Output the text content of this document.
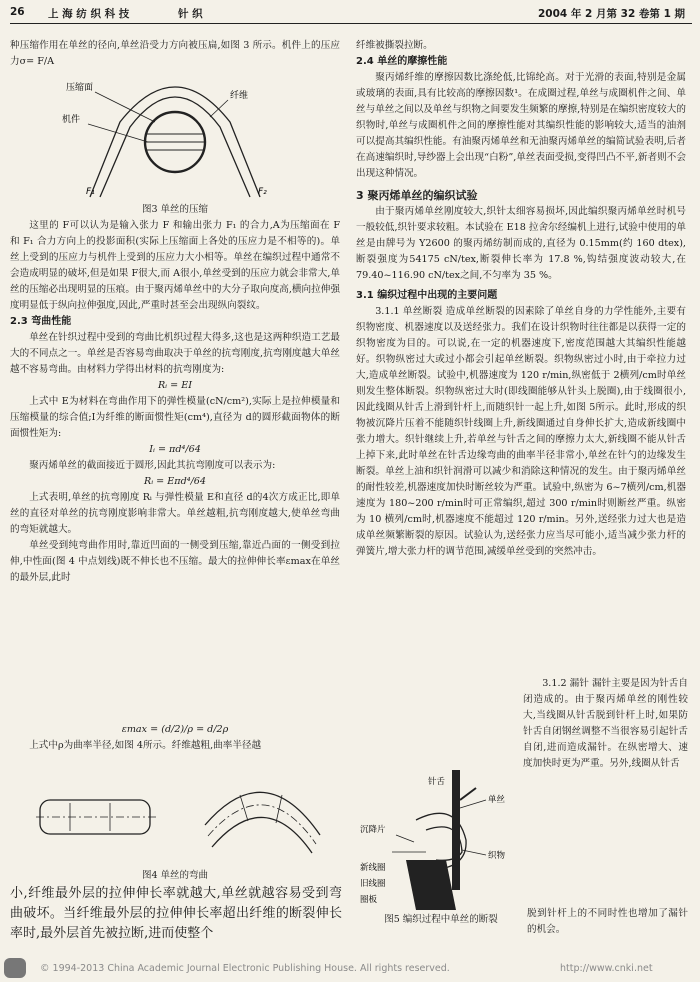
26 上 海 纺 织 科 技	针 织	2004 年 2 月第 32 卷第 1 期

种压缩作用在单丝的径向,单丝沿受力方向被压扁,如图 3 所示。机件上的压应力σ= F/A

压缩面
纤维
机件
F₁	F₂

图3 单丝的压缩

这里的 F可以认为是输入张力 F 和输出张力 F₁ 的合力,A为压缩面在 F 和 F₁ 合力方向上的投影面积(实际上压缩面上各处的压应力是不相等的)。单丝上受到的压应力与机件上受到的压应力大小相等。单丝在编织过程中通常不会造成明显的破坏,但是如果 F很大,而 A很小,单丝受到的压应力就会非常大,单丝的压缩必出现明显的压痕。由于聚丙烯单丝中的大分子取向度高,横向拉伸强度明显低于纵向拉伸强度,因此,严重时甚至会出现纵向裂纹。

2.3 弯曲性能

单丝在针织过程中受到的弯曲比机织过程大得多,这也是这两种织造工艺最大的不同点之一。单丝是否容易弯曲取决于单丝的抗弯刚度,抗弯刚度越大单丝越不容易弯曲。由材料力学得出材料的抗弯刚度为:

Rᵢ = EI

上式中 E为材料在弯曲作用下的弹性模量(cN/cm²),实际上是拉伸模量和压缩模量的综合值;I为纤维的断面惯性矩(cm⁴),直径为 d的圆形截面物体的断面惯性矩为:

Iᵢ = πd⁴/64

聚丙烯单丝的截面接近于圆形,因此其抗弯刚度可以表示为:

Rᵢ = Eπd⁴/64

上式表明,单丝的抗弯刚度 Rᵢ 与弹性模量 E和直径 d的4次方成正比,即单丝的直径对单丝的抗弯刚度影响非常大。单丝越粗,抗弯刚度越大,使单丝弯曲的弯矩就越大。

单丝受到纯弯曲作用时,靠近凹面的一侧受到压缩,靠近凸面的一侧受到拉伸,中性面(图 4 中点划线)既不伸长也不压缩。最大的拉伸伸长率εmax在单丝的最外层,此时

εmax = (d/2)/ρ = d/2ρ

上式中ρ为曲率半径,如图 4所示。纤维越粗,曲率半径越

图4 单丝的弯曲

小,纤维最外层的拉伸伸长率就越大,单丝就越容易受到弯曲破坏。当纤维最外层的拉伸伸长率超出纤维的断裂伸长率时,最外层首先被拉断,进而使整个

纤维被撕裂拉断。

2.4 单丝的摩擦性能

聚丙烯纤维的摩擦因数比涤纶低,比锦纶高。对于光滑的表面,特别是金属或玻璃的表面,具有比较高的摩擦因数¹。在成圈过程,单丝与成圈机件之间、单丝与单丝之间以及单丝与织物之间要发生频繁的摩擦,特别是在编织密度较大的织物时,单丝与成圈机件之间的摩擦性能对其编织性能的影响较大,适当的油剂可以提高其编织性能。有油聚丙烯单丝和无油聚丙烯单丝的编简试验表明,后者在高速编织时,导纱器上会出现“白粉”,单丝表面受损,变得凹凸不平,新者则不会出现这种情况。

3 聚丙烯单丝的编织试验

由于聚丙烯单丝刚度较大,织针太细容易损坏,因此编织聚丙烯单丝时机号一般较低,织针要求较粗。本试验在 E18 拉舍尔经编机上进行,试验中使用的单丝是由牌号为 Y2600 的聚丙烯纺制而成的,直径为 0.15mm(约 160 dtex),断裂强度为54175 cN/tex,断裂伸长率为 17.8 %,钩结强度波动较大,在 79.40~116.90 cN/tex之间,不匀率为 35 %。

3.1 编织过程中出现的主要问题

3.1.1 单丝断裂 造成单丝断裂的因素除了单丝自身的力学性能外,主要有织物密度、机器速度以及送经张力。我们在设计织物时往往都是以获得一定的织物密度为目的。可以说,在一定的机器速度下,密度范围越大其编织性能越好。织物纵密过大或过小都会引起单丝断裂。织物纵密过小时,由于牵拉力过大,造成单丝断裂。试验中,机器速度为 120 r/min,纵密低于 2横列/cm时单丝则发生整体断裂。织物纵密过大时(即线圈能够从针头上脱圈),由于线圈很小,因此线圈从针舌上滑到针杆上,而随织针一起上升,如图 5所示。此时,形成的织物被沉降片压着不能随织针线圈上升,新线圈通过自身伸长扩大,造成新线圈中张力增大。织针继续上升,若单丝与针舌之间的摩擦力太大,新线圈不能从针舌上掉下来,此时单丝在针舌边缘弯曲的曲率半径非常小,单丝在针勺的边缘发生断裂。单丝上油和织针润滑可以减少和消除这种情况的发生。由于聚丙烯单丝的耐性较差,机器速度加快时断丝较为严重。试验中,纵密为 6~7横列/cm,机器速度为 180~200 r/min时可正常编织,超过 300 r/min时则断丝严重。纵密为 10 横列/cm时,机器速度不能超过 120 r/min。另外,送经张力过大也是造成单丝频繁断裂的原因。试验认为,送经张力应当尽可能小,适当减少张力杆的弹簧片,增大张力杆的调节范围,减缓单丝受到的突然冲击。

单丝
针舌
沉降片
新线圈
旧线圈
织物
圈板

3.1.2 漏针 漏针主要是因为针舌自闭造成的。由于聚丙烯单丝的刚性较大,当线圈从针舌脱到针杆上时,如果防针舌自闭钢丝调整不当很容易引起针舌自闭,进而造成漏针。在纵密增大、速度加快时更为严重。另外,线圈从针舌

图5 编织过程中单丝的断裂

脱到针杆上的不同时性也增加了漏针的机会。

© 1994-2013 China Academic Journal Electronic Publishing House. All rights reserved.	http://www.cnki.net
